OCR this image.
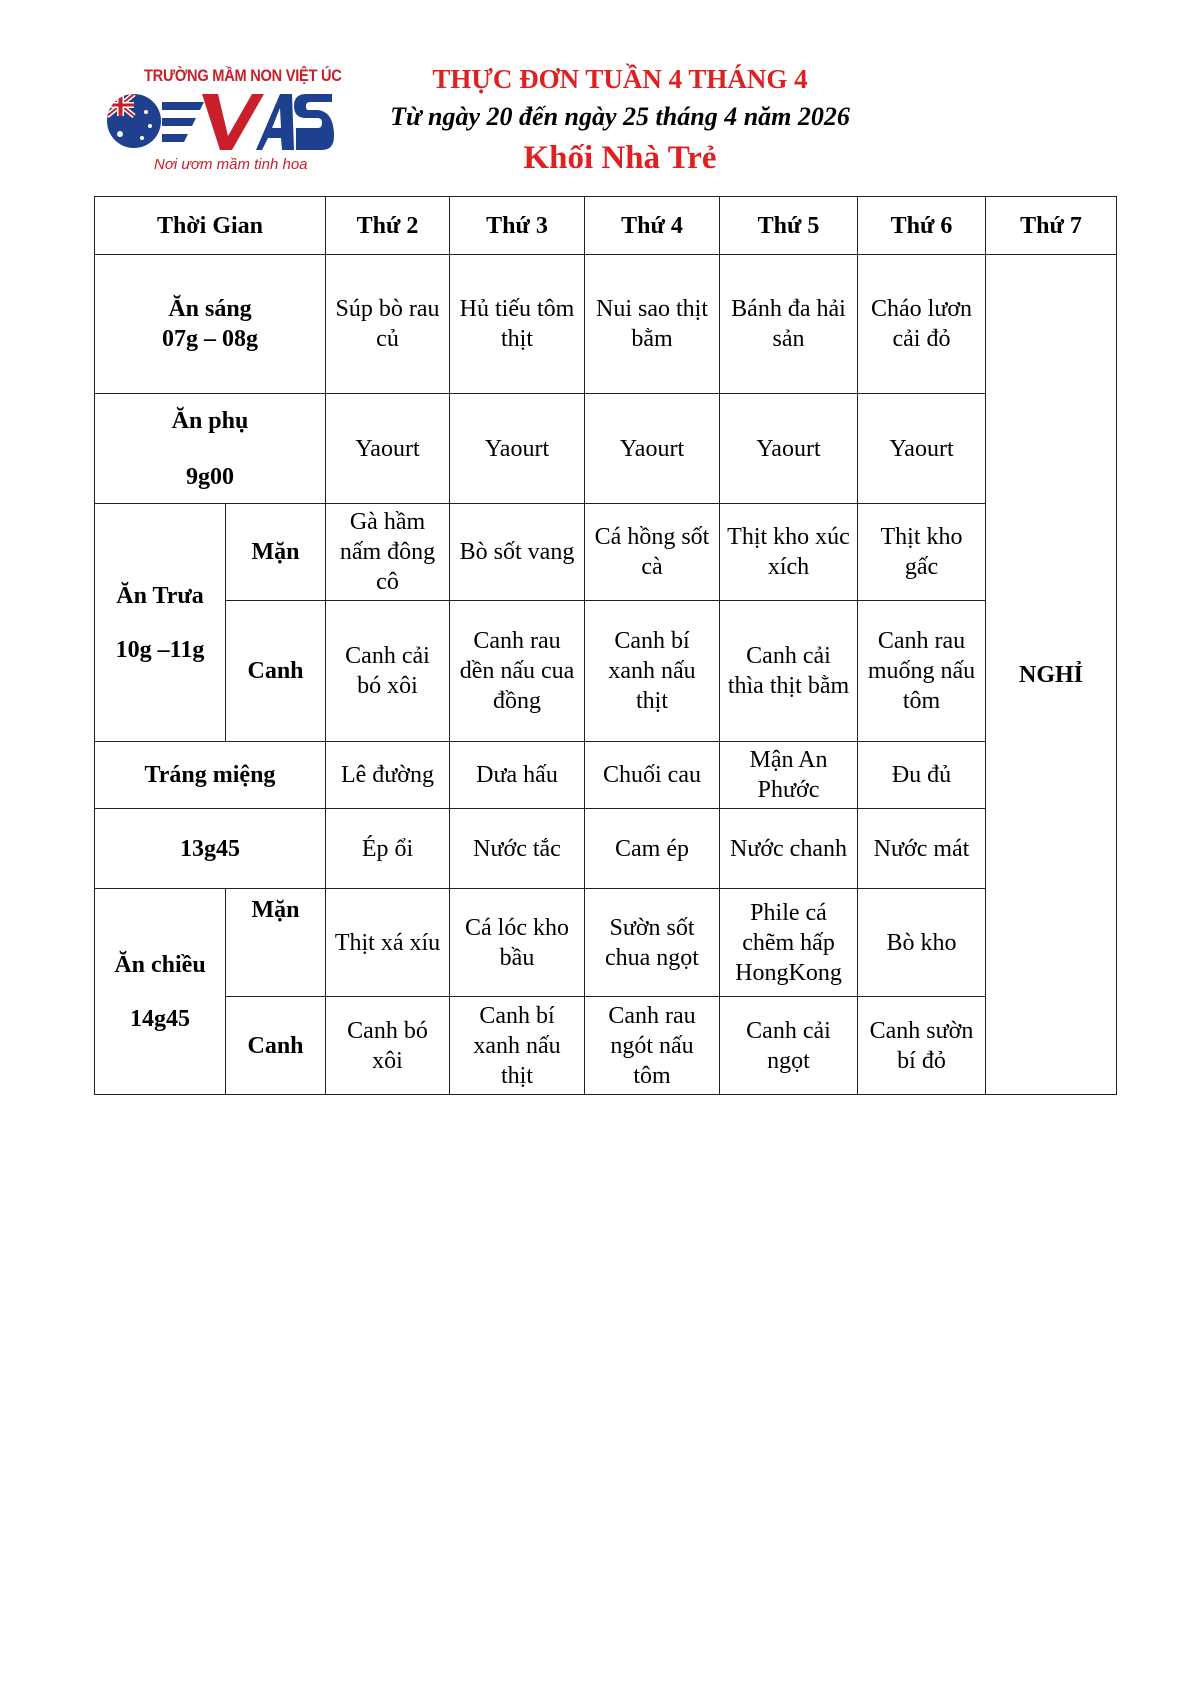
TRƯỜNG MẦM NON VIỆT ÚC
Nơi ươm mầm tinh hoa
THỰC ĐƠN TUẦN 4 THÁNG 4
Từ ngày 20 đến ngày 25 tháng 4 năm 2026
Khối Nhà Trẻ
Thời Gian		Thứ 2	Thứ 3	Thứ 4	Thứ 5	Thứ 6	Thứ 7

Ăn sáng
07g – 08g		Súp bò rau củ	Hủ tiếu tôm thịt	Nui sao thịt bằm	Bánh đa hải sản	Cháo lươn cải đỏ	NGHỈ

Ăn phụ
9g00		Yaourt	Yaourt	Yaourt	Yaourt	Yaourt	

Ăn Trưa
10g –11g	Mặn	Gà hầm nấm đông cô	Bò sốt vang	Cá hồng sốt cà	Thịt kho xúc xích	Thịt kho gấc	
	Canh	Canh cải bó xôi	Canh rau dền nấu cua đồng	Canh bí xanh nấu thịt	Canh cải thìa thịt bằm	Canh rau muống nấu tôm	
Tráng miệng		Lê đường	Dưa hấu	Chuối cau	Mận An Phước	Đu đủ	
13g45		Ép ổi	Nước tắc	Cam ép	Nước chanh	Nước mát	

Ăn chiều
14g45	Mặn	Thịt xá xíu	Cá lóc kho bầu	Sườn sốt chua ngọt	Phile cá chẽm hấp HongKong	Bò kho	
	Canh	Canh bó xôi	Canh bí xanh nấu thịt	Canh rau ngót nấu tôm	Canh cải ngọt	Canh sườn bí đỏ	
